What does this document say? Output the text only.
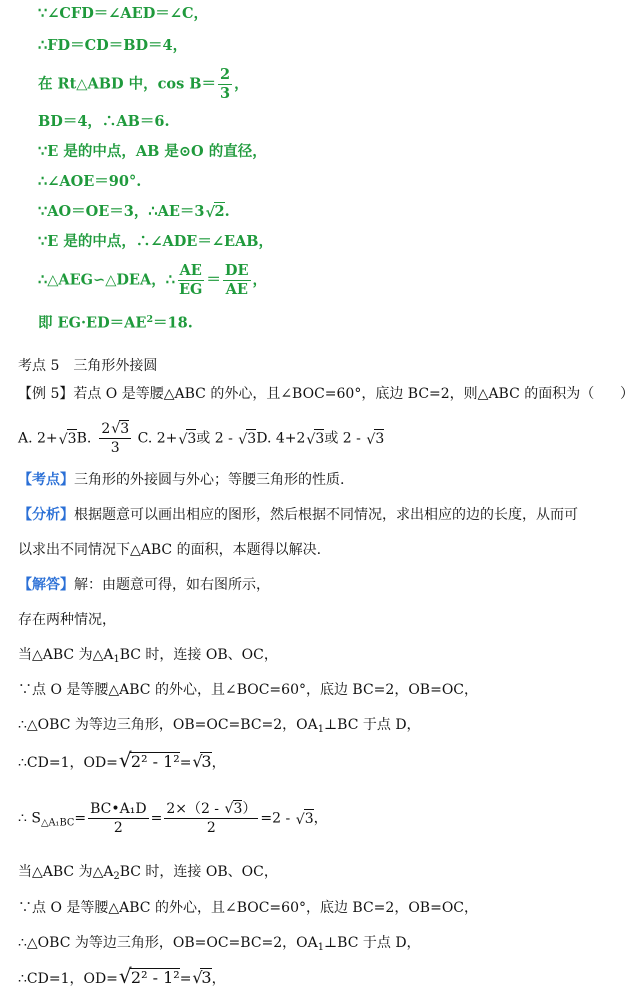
∵∠CFD＝∠AED＝∠C，
∴FD＝CD＝BD＝4，
在 Rt△ABD 中，$\cos B= \frac{2}{3}$ ，
BD＝4，∴AB＝6.
∵E 是的中点，AB 是⊙O 的直径，
∴∠AOE＝90°.
∵AO＝OE＝3，∴AE＝3 √ 2.
∵E 是的中点，∴∠ADE＝∠EAB，
∴△AEG∽△DEA，∴ $\frac{AE}{EG} = \frac{DE}{AE}$ ，
即 $EG\cdot ED=AE^2=18$.
考点 5　三角形外接圆
【例 5】若点 O 是等腰△ABC 的外心，且∠BOC=60°，底边 BC=2，则△ABC 的面积为（ ）
A. 2+ √ 3B. $\frac{2 √ 3}{3} C$. 2+ √ 3或 2 - √ 3D. 4+2 √ 3或 2 - √ 3
【考点】三角形的外接圆与外心；等腰三角形的性质.
【分析】根据题意可以画出相应的图形，然后根据不同情况，求出相应的边的长度，从而可
以求出不同情况下△ABC 的面积，本题得以解决.
【解答】解：由题意可得，如右图所示，
存在两种情况，
当△ABC 为$\triangle A_1BC$ 时，连接 OB、OC，
∵点 O 是等腰△ABC 的外心，且∠BOC=60°，底边 BC=2，OB=OC，
∴△OBC 为等边三角形，OB=OC=BC=2，$OA_1\perp BC$ 于点 D，
∴CD=1，OD= √ 2² - 1²= √
3，
∴ $S_{\triangle A_1BC}= \frac{\text{BC•A₁D}}{2} = \frac{2\times(2 - √ 3)}{2} =2$ - √ 3，
当△ABC 为$\triangle A_2BC$ 时，连接 OB、OC，
∵点 O 是等腰△ABC 的外心，且∠BOC=60°，底边 BC=2，OB=OC，
∴△OBC 为等边三角形，OB=OC=BC=2，$OA_1\perp BC$ 于点 D，
∴CD=1，OD= √ 2² - 1²= √
3，
